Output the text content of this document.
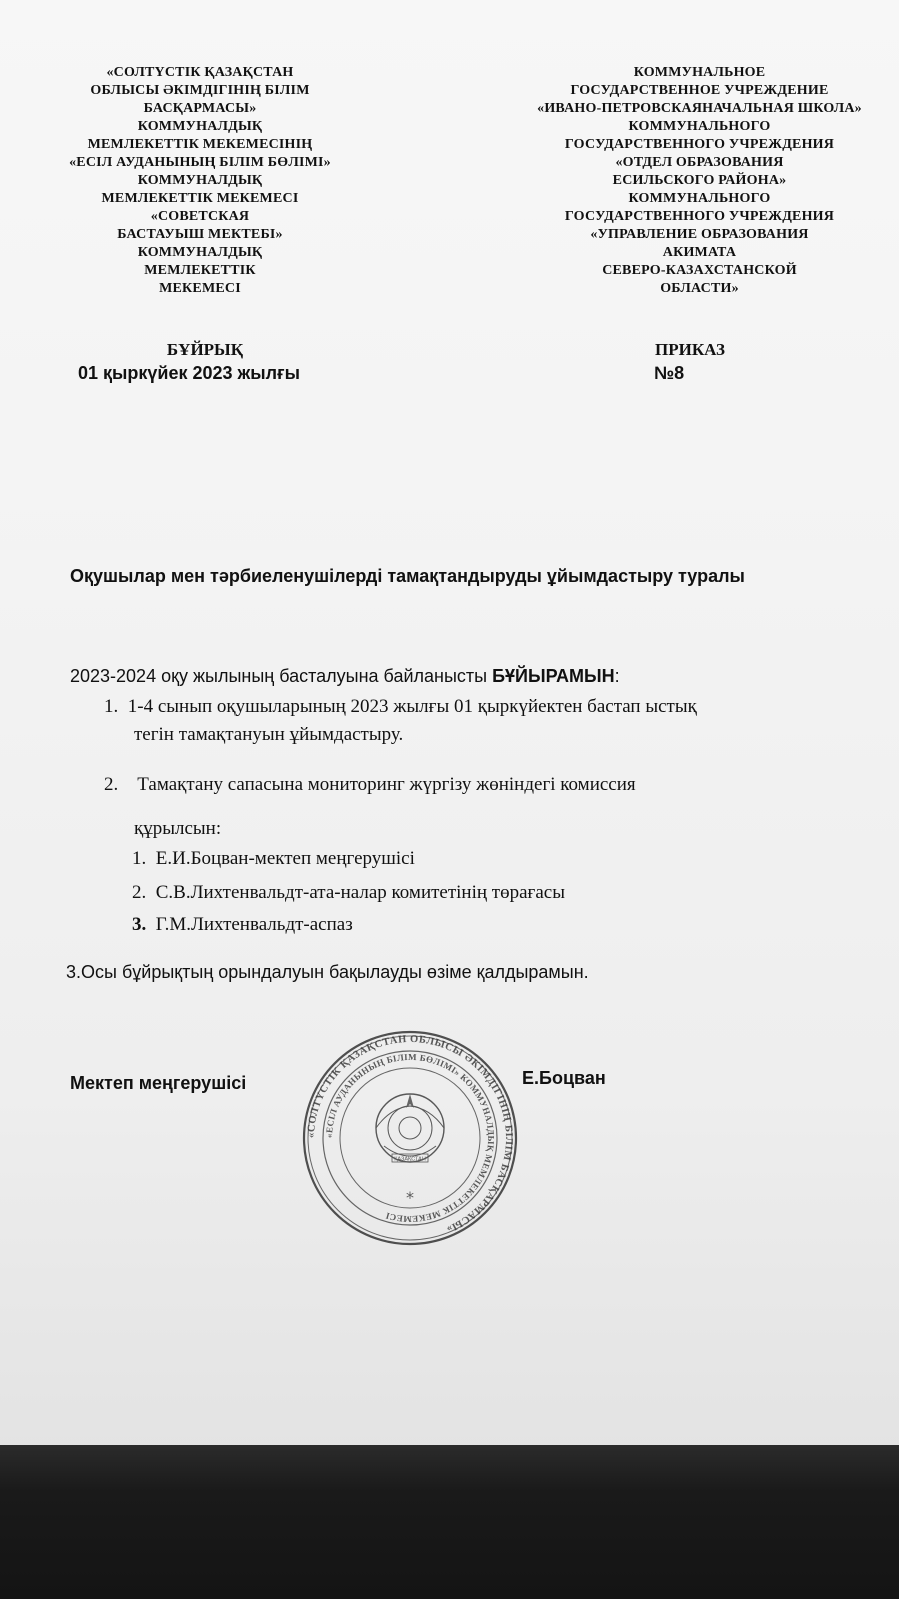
«СОЛТҮСТІК ҚАЗАҚСТАН
ОБЛЫСЫ ӘКІМДІГІНІҢ БІЛІМ
БАСҚАРМАСЫ»
КОММУНАЛДЫҚ
МЕМЛЕКЕТТІК МЕКЕМЕСІНІҢ
«ЕСІЛ АУДАНЫНЫҢ БІЛІМ БӨЛІМІ»
КОММУНАЛДЫҚ
МЕМЛЕКЕТТІК МЕКЕМЕСІ
«СОВЕТСКАЯ
БАСТАУЫШ МЕКТЕБІ»
КОММУНАЛДЫҚ
МЕМЛЕКЕТТІК
МЕКЕМЕСІ
КОММУНАЛЬНОЕ
ГОСУДАРСТВЕННОЕ УЧРЕЖДЕНИЕ
«ИВАНО-ПЕТРОВСКАЯНАЧАЛЬНАЯ ШКОЛА»
КОММУНАЛЬНОГО
ГОСУДАРСТВЕННОГО УЧРЕЖДЕНИЯ
«ОТДЕЛ ОБРАЗОВАНИЯ
ЕСИЛЬСКОГО РАЙОНА»
КОММУНАЛЬНОГО
ГОСУДАРСТВЕННОГО УЧРЕЖДЕНИЯ
«УПРАВЛЕНИЕ ОБРАЗОВАНИЯ
АКИМАТА
СЕВЕРО-КАЗАХСТАНСКОЙ
ОБЛАСТИ»
БҰЙРЫҚ	ПРИКАЗ
01 қыркүйек 2023 жылғы	№8
Оқушылар мен тәрбиеленушілерді тамақтандыруды ұйымдастыру туралы
2023-2024 оқу жылының басталуына байланысты БҰЙЫРАМЫН:
1. 1-4 сынып оқушыларының 2023 жылғы 01 қыркүйектен бастап ыстық
тегін тамақтануын ұйымдастыру.
2. Тамақтану сапасына мониторинг жүргізу жөніндегі комиссия
құрылсын:
1. Е.И.Боцван-мектеп меңгерушісі
2. С.В.Лихтенвальдт-ата-налар комитетінің төрағасы
3. Г.М.Лихтенвальдт-аспаз
3.Осы бұйрықтың орындалуын бақылауды өзіме қалдырамын.
Мектеп меңгерушісі	Е.Боцван
«СОЛТҮСТІК ҚАЗАҚСТАН ОБЛЫСЫ ӘКІМДІГІНІҢ БІЛІМ БАСҚАРМАСЫ»
«ЕСІЛ АУДАНЫНЫҢ БІЛІМ БӨЛІМІ» КОММУНАЛДЫҚ МЕМЛЕКЕТТІК МЕКЕМЕСІ
ҚАЗАҚСТАН
*
